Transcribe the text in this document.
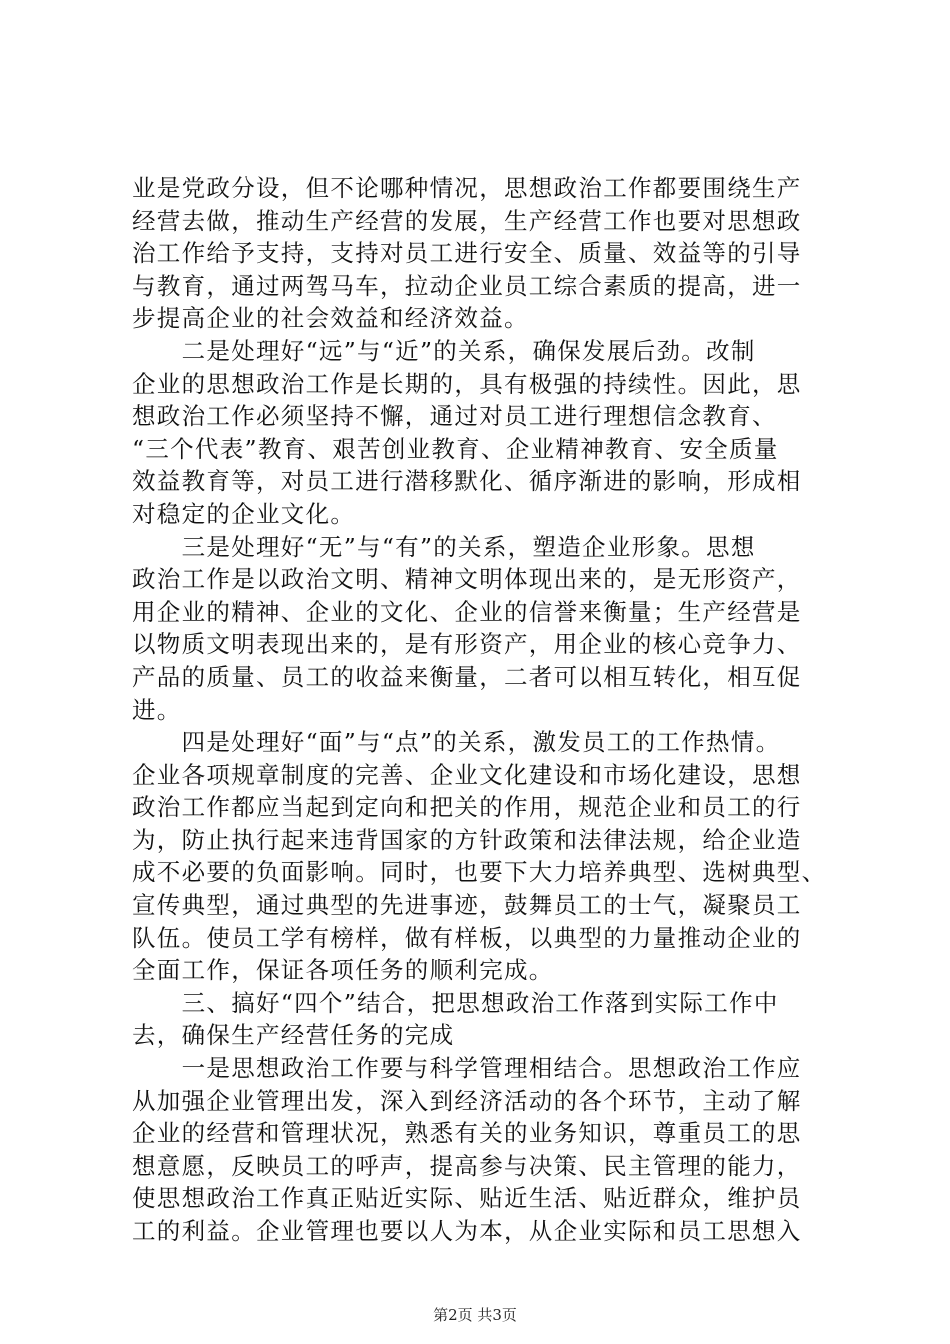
业是党政分设，但不论哪种情况，思想政治工作都要围绕生产
经营去做，推动生产经营的发展，生产经营工作也要对思想政
治工作给予支持，支持对员工进行安全、质量、效益等的引导
与教育，通过两驾马车，拉动企业员工综合素质的提高，进一
步提高企业的社会效益和经济效益。
　　二是处理好“远”与“近”的关系，确保发展后劲。改制
企业的思想政治工作是长期的，具有极强的持续性。因此，思
想政治工作必须坚持不懈，通过对员工进行理想信念教育、
“三个代表”教育、艰苦创业教育、企业精神教育、安全质量
效益教育等，对员工进行潜移默化、循序渐进的影响，形成相
对稳定的企业文化。
　　三是处理好“无”与“有”的关系，塑造企业形象。思想
政治工作是以政治文明、精神文明体现出来的，是无形资产，
用企业的精神、企业的文化、企业的信誉来衡量；生产经营是
以物质文明表现出来的，是有形资产，用企业的核心竞争力、
产品的质量、员工的收益来衡量，二者可以相互转化，相互促
进。
　　四是处理好“面”与“点”的关系，激发员工的工作热情。
企业各项规章制度的完善、企业文化建设和市场化建设，思想
政治工作都应当起到定向和把关的作用，规范企业和员工的行
为，防止执行起来违背国家的方针政策和法律法规，给企业造
成不必要的负面影响。同时，也要下大力培养典型、选树典型、
宣传典型，通过典型的先进事迹，鼓舞员工的士气，凝聚员工
队伍。使员工学有榜样，做有样板，以典型的力量推动企业的
全面工作，保证各项任务的顺利完成。
　　三、搞好“四个”结合，把思想政治工作落到实际工作中
去，确保生产经营任务的完成
　　一是思想政治工作要与科学管理相结合。思想政治工作应
从加强企业管理出发，深入到经济活动的各个环节，主动了解
企业的经营和管理状况，熟悉有关的业务知识，尊重员工的思
想意愿，反映员工的呼声，提高参与决策、民主管理的能力，
使思想政治工作真正贴近实际、贴近生活、贴近群众，维护员
工的利益。企业管理也要以人为本，从企业实际和员工思想入
第2页 共3页
